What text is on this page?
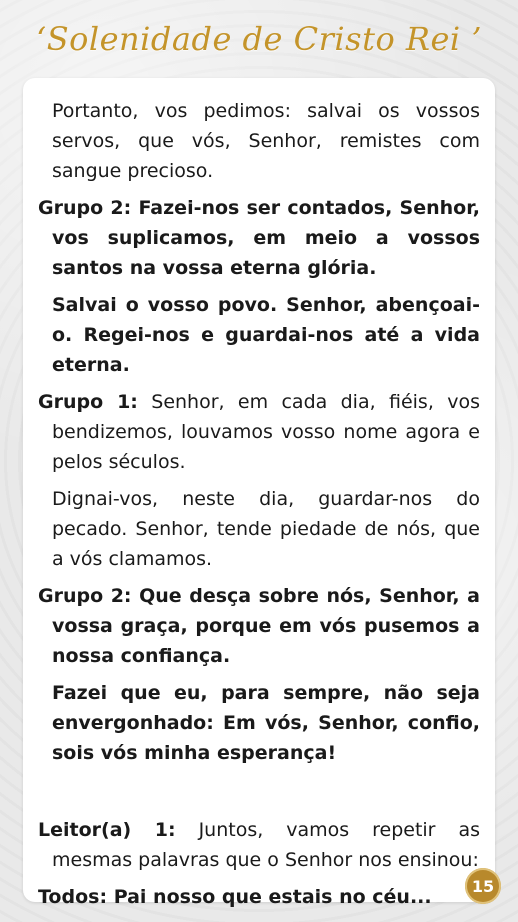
‘Solenidade de Cristo Rei ’

Portanto, vos pedimos: salvai os vossos servos, que vós, Senhor, remistes com sangue precioso.

Grupo 2: Fazei-nos ser contados, Senhor, vos suplicamos, em meio a vossos santos na vossa eterna glória.

Salvai o vosso povo. Senhor, abençoai-o. Regei-nos e guardai-nos até a vida eterna.

Grupo 1: Senhor, em cada dia, fiéis, vos bendizemos, louvamos vosso nome agora e pelos séculos.

Dignai-vos, neste dia, guardar-nos do pecado. Senhor, tende piedade de nós, que a vós clamamos.

Grupo 2: Que desça sobre nós, Senhor, a vossa graça, porque em vós pusemos a nossa confiança.

Fazei que eu, para sempre, não seja envergonhado: Em vós, Senhor, confio, sois vós minha esperança!

Leitor(a) 1: Juntos, vamos repetir as mesmas palavras que o Senhor nos ensinou:

Todos: Pai nosso que estais no céu...	15
